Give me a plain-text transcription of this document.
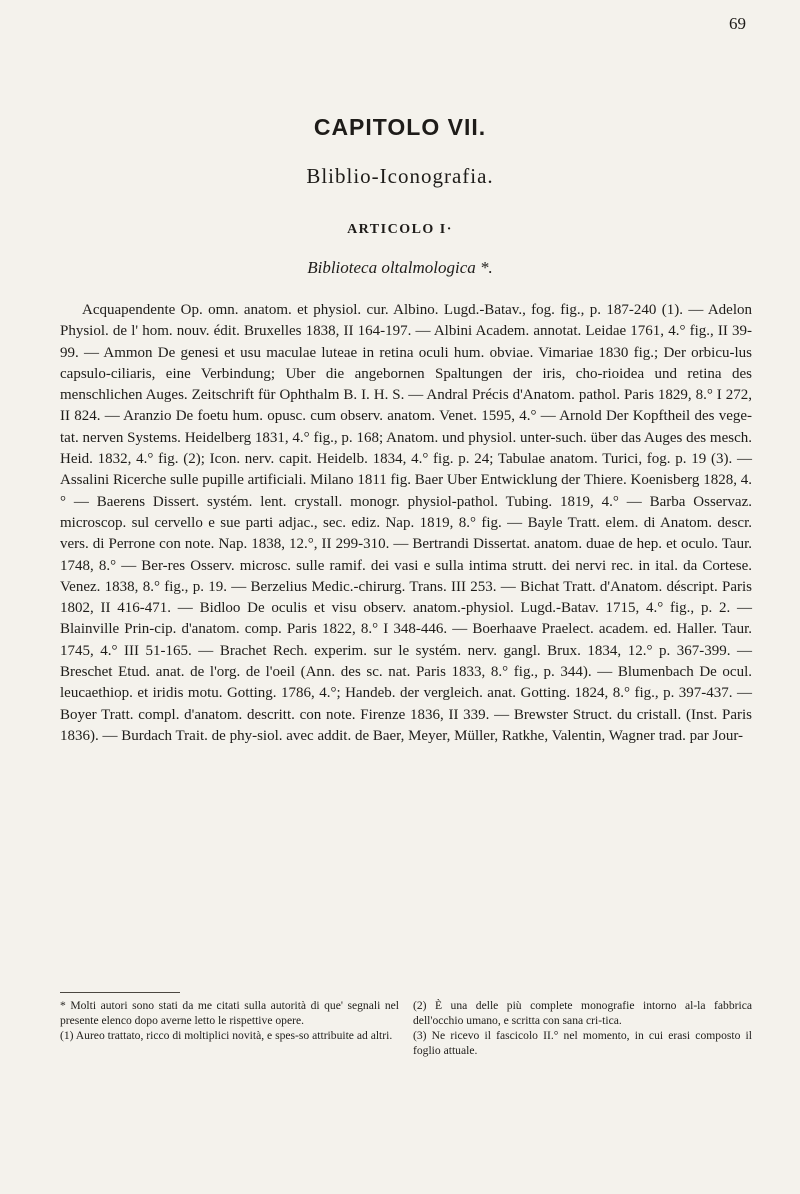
69
CAPITOLO VII.
Bliblio-Iconografia.
ARTICOLO I·
Biblioteca oltalmologica *.

Acquapendente Op. omn. anatom. et physiol. cur. Albino. Lugd.-Batav., fog. fig., p. 187-240 (1). — Adelon Physiol. de l' hom. nouv. édit. Bruxelles 1838, II 164-197. — Albini Academ. annotat. Leidae 1761, 4.° fig., II 39-99. — Ammon De genesi et usu maculae luteae in retina oculi hum. obviae. Vimariae 1830 fig.; Der orbicu-lus capsulo-ciliaris, eine Verbindung; Uber die angebornen Spaltungen der iris, cho-rioidea und retina des menschlichen Auges. Zeitschrift für Ophthalm B. I. H. S. — Andral Précis d'Anatom. pathol. Paris 1829, 8.° I 272, II 824. — Aranzio De foetu hum. opusc. cum observ. anatom. Venet. 1595, 4.° — Arnold Der Kopftheil des vege-tat. nerven Systems. Heidelberg 1831, 4.° fig., p. 168; Anatom. und physiol. unter-such. über das Auges des mesch. Heid. 1832, 4.° fig. (2); Icon. nerv. capit. Heidelb. 1834, 4.° fig. p. 24; Tabulae anatom. Turici, fog. p. 19 (3). — Assalini Ricerche sulle pupille artificiali. Milano 1811 fig. Baer Uber Entwicklung der Thiere. Koenisberg 1828, 4.° — Baerens Dissert. systém. lent. crystall. monogr. physiol-pathol. Tubing. 1819, 4.° — Barba Osservaz. microscop. sul cervello e sue parti adjac., sec. ediz. Nap. 1819, 8.° fig. — Bayle Tratt. elem. di Anatom. descr. vers. di Perrone con note. Nap. 1838, 12.°, II 299-310. — Bertrandi Dissertat. anatom. duae de hep. et oculo. Taur. 1748, 8.° — Ber-res Osserv. microsc. sulle ramif. dei vasi e sulla intima strutt. dei nervi rec. in ital. da Cortese. Venez. 1838, 8.° fig., p. 19. — Berzelius Medic.-chirurg. Trans. III 253. — Bichat Tratt. d'Anatom. déscript. Paris 1802, II 416-471. — Bidloo De oculis et visu observ. anatom.-physiol. Lugd.-Batav. 1715, 4.° fig., p. 2. — Blainville Prin-cip. d'anatom. comp. Paris 1822, 8.° I 348-446. — Boerhaave Praelect. academ. ed. Haller. Taur. 1745, 4.° III 51-165. — Brachet Rech. experim. sur le systém. nerv. gangl. Brux. 1834, 12.° p. 367-399. — Breschet Etud. anat. de l'org. de l'oeil (Ann. des sc. nat. Paris 1833, 8.° fig., p. 344). — Blumenbach De ocul. leucaethiop. et iridis motu. Gotting. 1786, 4.°; Handeb. der vergleich. anat. Gotting. 1824, 8.° fig., p. 397-437. — Boyer Tratt. compl. d'anatom. descritt. con note. Firenze 1836, II 339. — Brewster Struct. du cristall. (Inst. Paris 1836). — Burdach Trait. de phy-siol. avec addit. de Baer, Meyer, Müller, Ratkhe, Valentin, Wagner trad. par Jour-

* Molti autori sono stati da me citati sulla autorità di que' segnali nel presente elenco dopo averne letto le rispettive opere.

(1) Aureo trattato, ricco di moltiplici novità, e spes-so attribuite ad altri.

(2) È una delle più complete monografie intorno al-la fabbrica dell'occhio umano, e scritta con sana cri-tica.

(3) Ne ricevo il fascicolo II.° nel momento, in cui erasi composto il foglio attuale.
